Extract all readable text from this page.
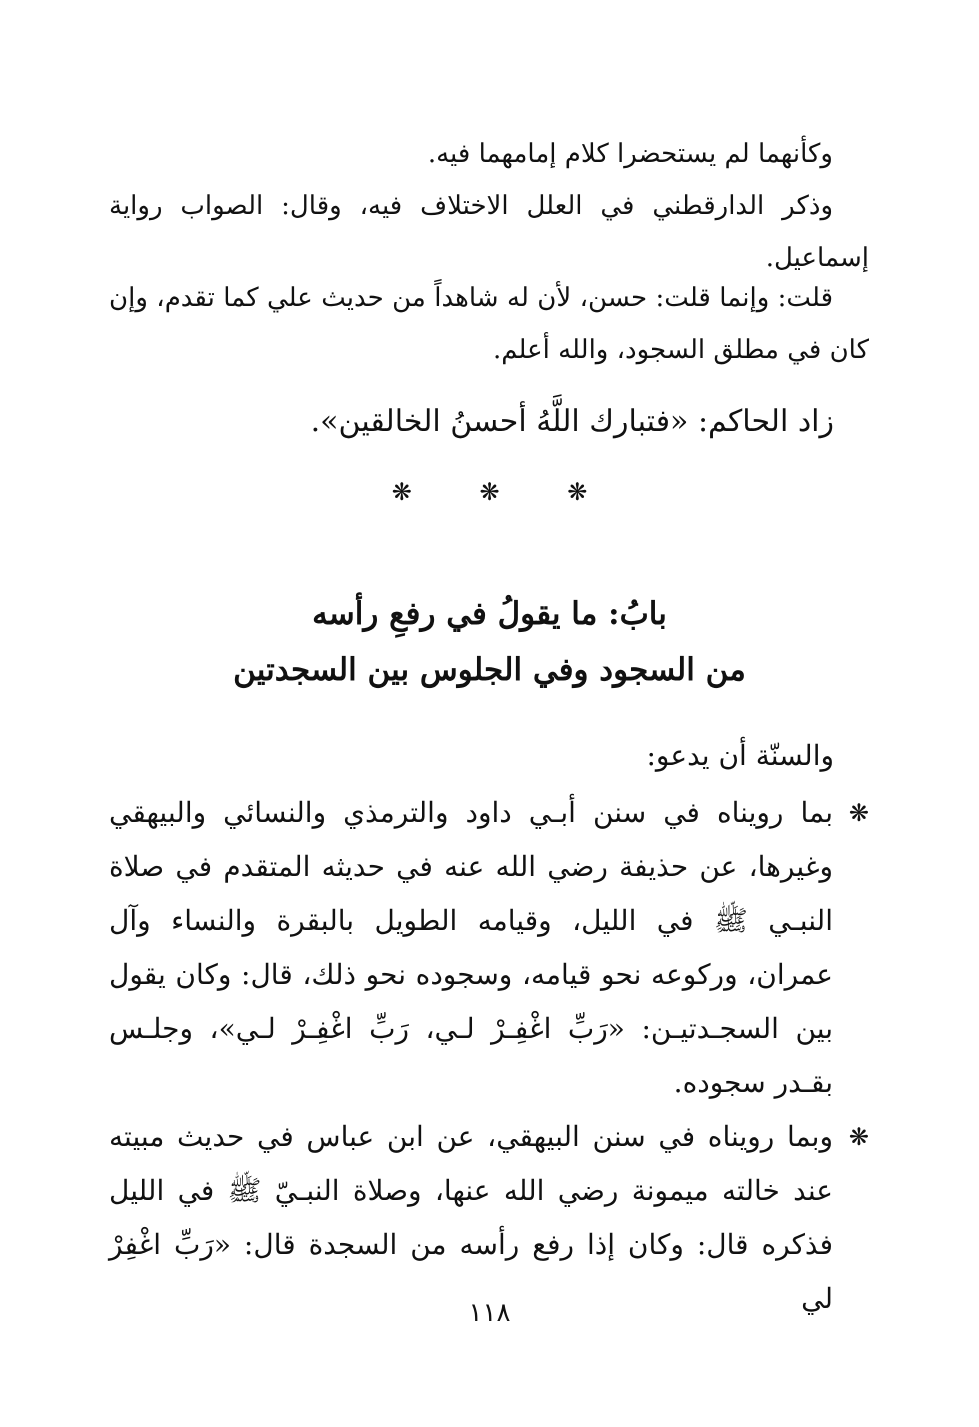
وكأنهما لم يستحضرا كلام إمامهما فيه.

وذكر الدارقطني في العلل الاختلاف فيه، وقال: الصواب رواية إسماعيل.

قلت: وإنما قلت: حسن، لأن له شاهداً من حديث علي كما تقدم، وإن كان في مطلق السجود، والله أعلم.

زاد الحاكم: «فتبارك اللَّهُ أحسنُ الخالقين».

❋	❋	❋
بابُ: ما يقولُ في رفعِ رأسه
من السجود وفي الجلوس بين السجدتين

والسنّة أن يدعو:

❋
بما رويناه في سنن أبـي داود والترمذي والنسائي والبيهقي وغيرها، عن حذيفة رضي الله عنه في حديثه المتقدم في صلاة النبـي ﷺ في الليل، وقيامه الطويل بالبقرة والنساء وآل عمران، وركوعه نحو قيامه، وسجوده نحو ذلك، قال: وكان يقول بين السجـدتيـن: «رَبِّ اغْفِـرْ لـي، رَبِّ اغْفِـرْ لـي»، وجلـس بقـدر سجوده.
❋
وبما رويناه في سنن البيهقي، عن ابن عباس في حديث مبيته عند خالته ميمونة رضي الله عنها، وصلاة النبـيّ ﷺ في الليل فذكره قال: وكان إذا رفع رأسه من السجدة قال: «رَبِّ اغْفِرْ لي
١١٨
